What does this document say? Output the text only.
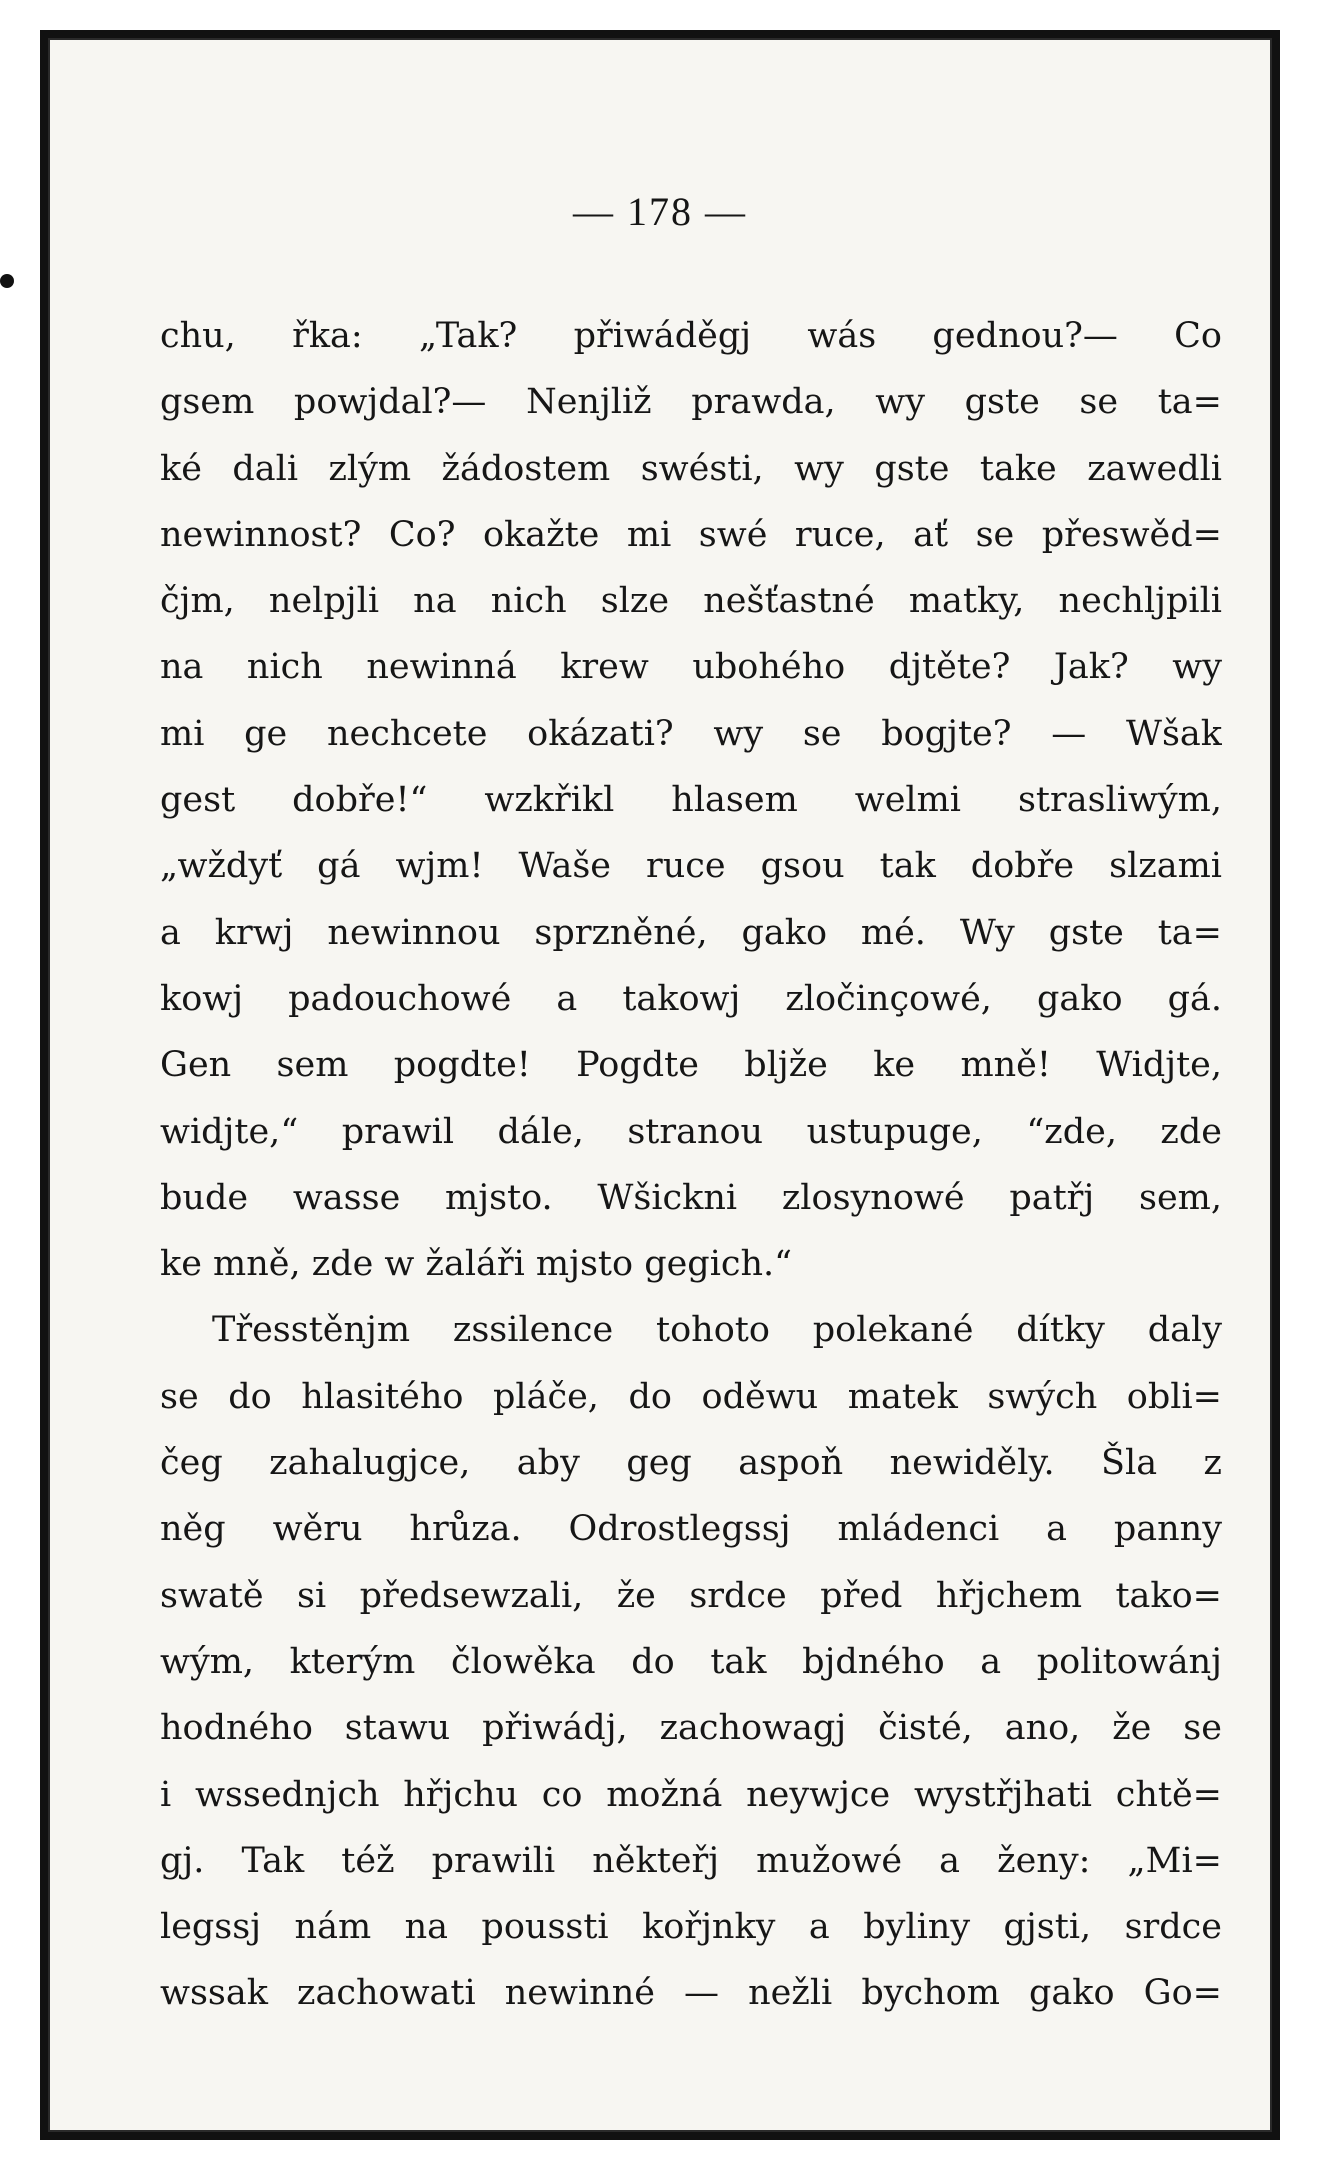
— 178 —
chu, řka: „Tak? přiwáděgj wás gednou?— Co
gsem powjdal?— Nenjliž prawda, wy gste se ta=
ké dali zlým žádostem swésti, wy gste take zawedli
newinnost? Co? okažte mi swé ruce, ať se přeswěd=
čjm, nelpjli na nich slze nešťastné matky, nechljpili
na nich newinná krew ubohého djtěte? Jak? wy
mi ge nechcete okázati? wy se bogjte? — Wšak
gest dobře!“ wzkřikl hlasem welmi strasliwým,
„wždyť gá wjm! Waše ruce gsou tak dobře slzami
a krwj newinnou sprzněné, gako mé. Wy gste ta=
kowj padouchowé a takowj zločinçowé, gako gá.
Gen sem pogdte! Pogdte bljže ke mně! Widjte,
widjte,“ prawil dále, stranou ustupuge, “zde, zde
bude wasse mjsto. Wšickni zlosynowé patřj sem,
ke mně, zde w žaláři mjsto gegich.“
Třesstěnjm zssilence tohoto polekané dítky daly
se do hlasitého pláče, do oděwu matek swých obli=
čeg zahalugjce, aby geg aspoň newiděly. Šla z
něg wěru hrůza. Odrostlegssj mládenci a panny
swatě si předsewzali, že srdce před hřjchem tako=
wým, kterým člowěka do tak bjdného a politowánj
hodného stawu přiwádj, zachowagj čisté, ano, že se
i wssednjch hřjchu co možná neywjce wystřjhati chtě=
gj. Tak též prawili někteřj mužowé a ženy: „Mi=
legssj nám na poussti kořjnky a byliny gjsti, srdce
wssak zachowati newinné — nežli bychom gako Go=
